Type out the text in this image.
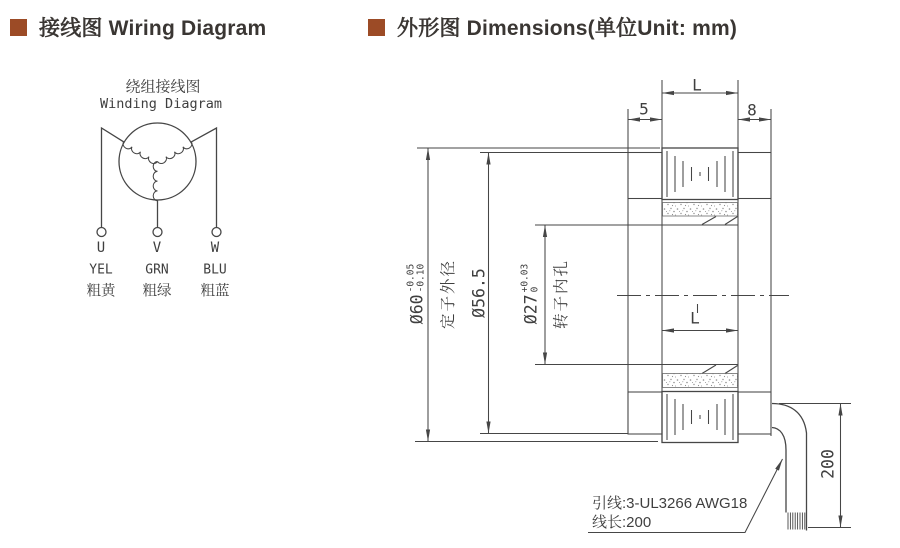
接线图 Wiring Diagram	外形图 Dimensions(单位Unit: mm)
绕组接线图
Winding Diagram
U	V	W
YEL	GRN	BLU
粗黄 粗绿 粗蓝
L
5	8
L
Ø60
-0.05 -0.10 定子外径 Ø56.5 Ø27
+0.03 0 转子内孔
200
引线:3-UL3266 AWG18
线长:200
